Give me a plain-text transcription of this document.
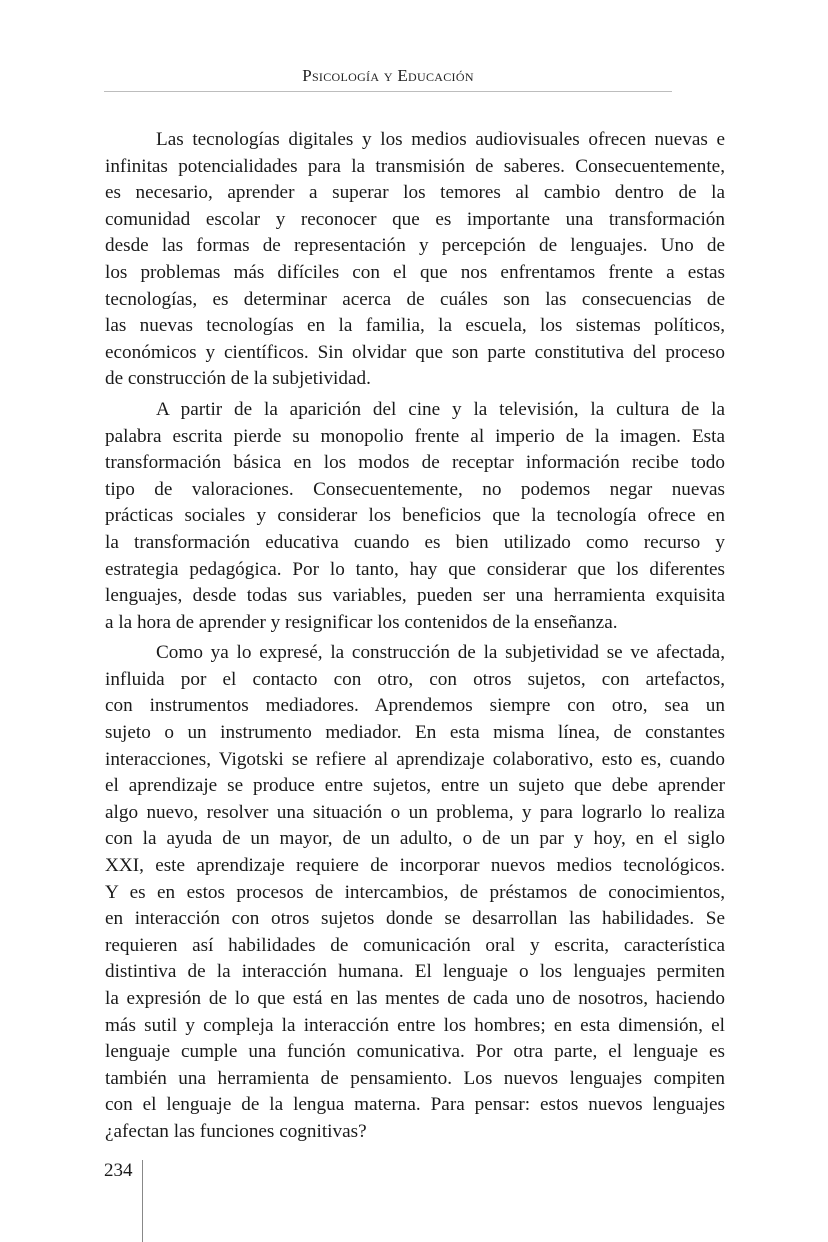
Psicología y Educación
Las tecnologías digitales y los medios audiovisuales ofrecen nuevas e
infinitas potencialidades para la transmisión de saberes. Consecuentemente,
es necesario, aprender a superar los temores al cambio dentro de la
comunidad escolar y reconocer que es importante una transformación
desde las formas de representación y percepción de lenguajes. Uno de
los problemas más difíciles con el que nos enfrentamos frente a estas
tecnologías, es determinar acerca de cuáles son las consecuencias de
las nuevas tecnologías en la familia, la escuela, los sistemas políticos,
económicos y científicos. Sin olvidar que son parte constitutiva del proceso
de construcción de la subjetividad.
A partir de la aparición del cine y la televisión, la cultura de la
palabra escrita pierde su monopolio frente al imperio de la imagen. Esta
transformación básica en los modos de receptar información recibe todo
tipo de valoraciones. Consecuentemente, no podemos negar nuevas
prácticas sociales y considerar los beneficios que la tecnología ofrece en
la transformación educativa cuando es bien utilizado como recurso y
estrategia pedagógica. Por lo tanto, hay que considerar que los diferentes
lenguajes, desde todas sus variables, pueden ser una herramienta exquisita
a la hora de aprender y resignificar los contenidos de la enseñanza.
Como ya lo expresé, la construcción de la subjetividad se ve afectada,
influida por el contacto con otro, con otros sujetos, con artefactos,
con instrumentos mediadores. Aprendemos siempre con otro, sea un
sujeto o un instrumento mediador. En esta misma línea, de constantes
interacciones, Vigotski se refiere al aprendizaje colaborativo, esto es, cuando
el aprendizaje se produce entre sujetos, entre un sujeto que debe aprender
algo nuevo, resolver una situación o un problema, y para lograrlo lo realiza
con la ayuda de un mayor, de un adulto, o de un par y hoy, en el siglo
XXI, este aprendizaje requiere de incorporar nuevos medios tecnológicos.
Y es en estos procesos de intercambios, de préstamos de conocimientos,
en interacción con otros sujetos donde se desarrollan las habilidades. Se
requieren así habilidades de comunicación oral y escrita, característica
distintiva de la interacción humana. El lenguaje o los lenguajes permiten
la expresión de lo que está en las mentes de cada uno de nosotros, haciendo
más sutil y compleja la interacción entre los hombres; en esta dimensión, el
lenguaje cumple una función comunicativa. Por otra parte, el lenguaje es
también una herramienta de pensamiento. Los nuevos lenguajes compiten
con el lenguaje de la lengua materna. Para pensar: estos nuevos lenguajes
¿afectan las funciones cognitivas?
234
